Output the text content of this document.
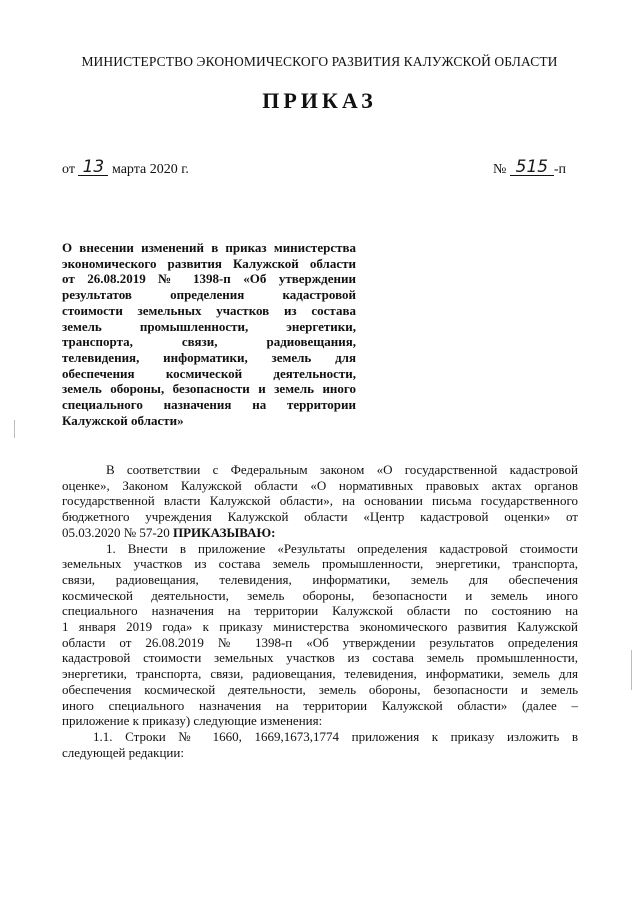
МИНИСТЕРСТВО ЭКОНОМИЧЕСКОГО РАЗВИТИЯ КАЛУЖСКОЙ ОБЛАСТИ
ПРИКАЗ
от 13 марта 2020 г.	№ 515 -п
О внесении изменений в приказ министерства
экономического развития Калужской области
от 26.08.2019 № 1398-п «Об утверждении
результатов определения кадастровой
стоимости земельных участков из состава
земель промышленности, энергетики,
транспорта, связи, радиовещания,
телевидения, информатики, земель для
обеспечения космической деятельности,
земель обороны, безопасности и земель иного
специального назначения на территории
Калужской области»
В соответствии с Федеральным законом «О государственной кадастровой
оценке», Законом Калужской области «О нормативных правовых актах органов
государственной власти Калужской области», на основании письма государственного
бюджетного учреждения Калужской области «Центр кадастровой оценки» от
05.03.2020 № 57-20 ПРИКАЗЫВАЮ:
1. Внести в приложение «Результаты определения кадастровой стоимости
земельных участков из состава земель промышленности, энергетики, транспорта,
связи, радиовещания, телевидения, информатики, земель для обеспечения
космической деятельности, земель обороны, безопасности и земель иного
специального назначения на территории Калужской области по состоянию на
1 января 2019 года» к приказу министерства экономического развития Калужской
области от 26.08.2019 № 1398-п «Об утверждении результатов определения
кадастровой стоимости земельных участков из состава земель промышленности,
энергетики, транспорта, связи, радиовещания, телевидения, информатики, земель для
обеспечения космической деятельности, земель обороны, безопасности и земель
иного специального назначения на территории Калужской области» (далее –
приложение к приказу) следующие изменения:
1.1. Строки № 1660, 1669,1673,1774 приложения к приказу изложить в
следующей редакции:
